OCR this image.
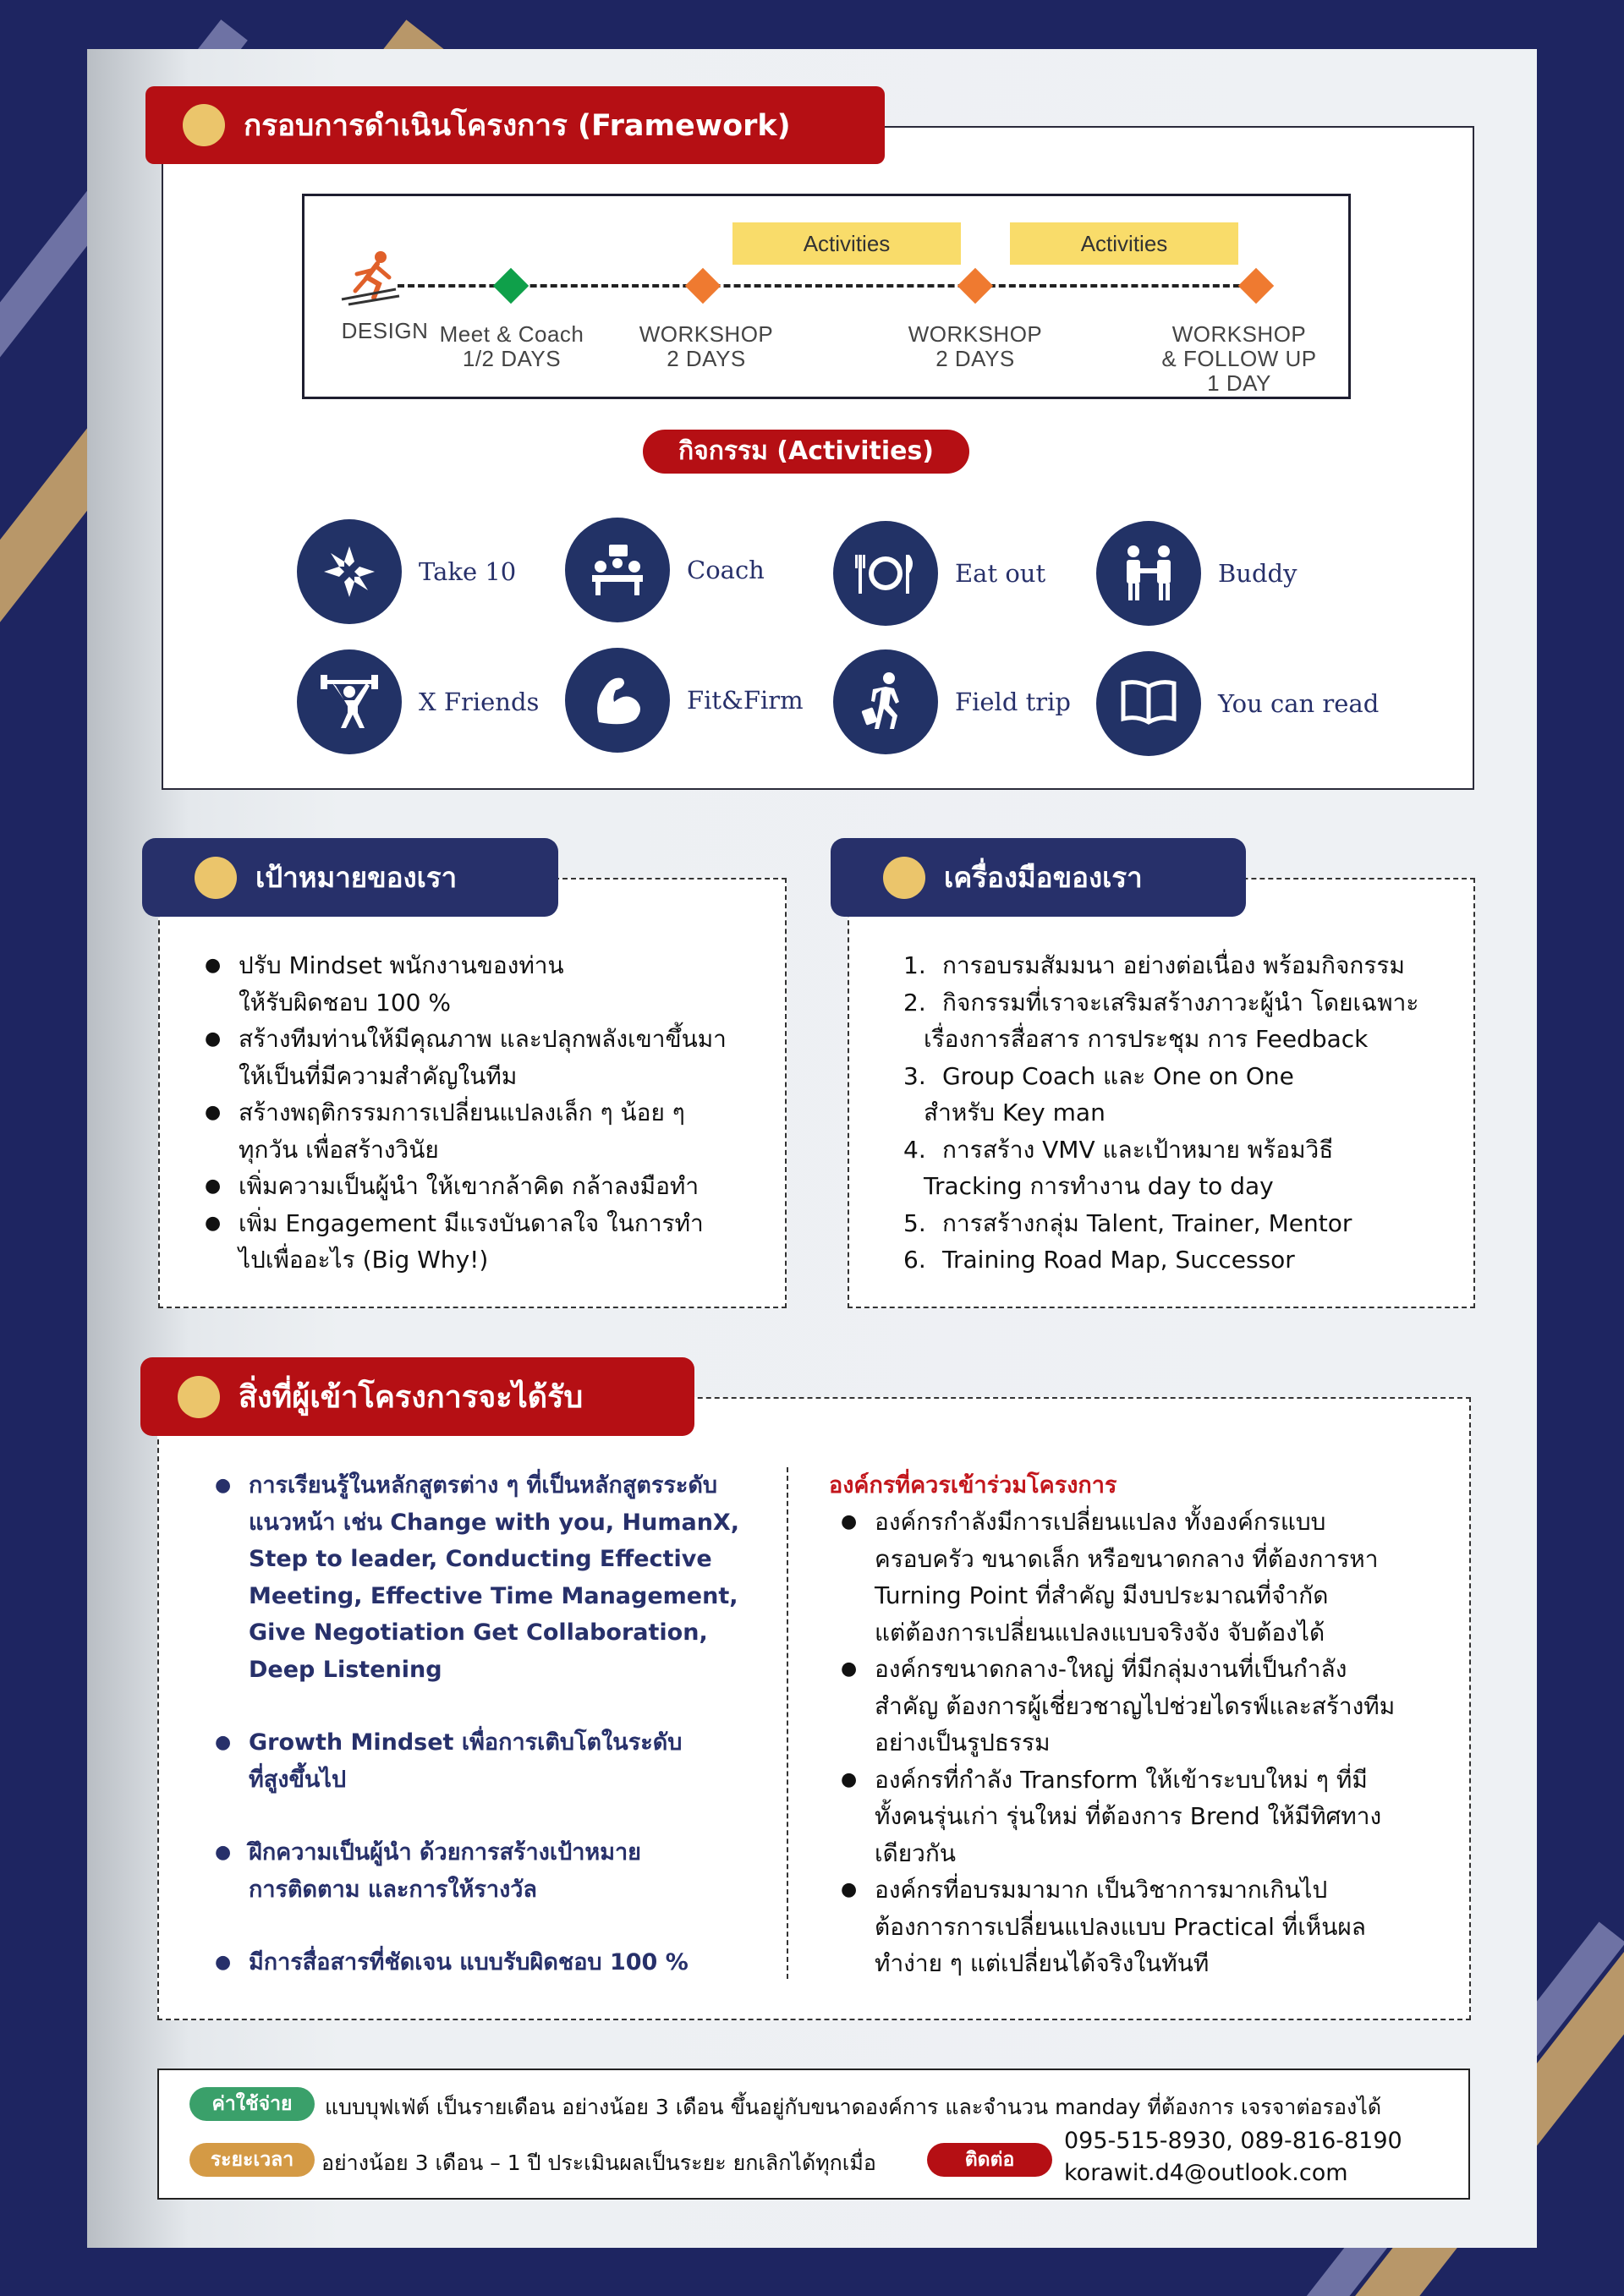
กรอบการดำเนินโครงการ (Framework)
Activities	Activities
DESIGN Meet & Coach
1/2 DAYS
WORKSHOP
2 DAYS
WORKSHOP
2 DAYS
WORKSHOP
& FOLLOW UP
1 DAY
กิจกรรม (Activities)
Take 10	Coach	Eat out	Buddy
X Friends	Fit&Firm	Field trip	You can read
เป้าหมายของเรา
● ปรับ Mindset พนักงานของท่าน
ให้รับผิดชอบ 100 %
● สร้างทีมท่านให้มีคุณภาพ และปลุกพลังเขาขึ้นมา
ให้เป็นที่มีความสำคัญในทีม
● สร้างพฤติกรรมการเปลี่ยนแปลงเล็ก ๆ น้อย ๆ
ทุกวัน เพื่อสร้างวินัย
● เพิ่มความเป็นผู้นำ ให้เขากล้าคิด กล้าลงมือทำ
● เพิ่ม Engagement มีแรงบันดาลใจ ในการทำ
ไปเพื่ออะไร (Big Why!)
เครื่องมือของเรา
1. การอบรมสัมมนา อย่างต่อเนื่อง พร้อมกิจกรรม
2. กิจกรรมที่เราจะเสริมสร้างภาวะผู้นำ โดยเฉพาะ
เรื่องการสื่อสาร การประชุม การ Feedback
3. Group Coach และ One on One
สำหรับ Key man
4. การสร้าง VMV และเป้าหมาย พร้อมวิธี
Tracking การทำงาน day to day
5. การสร้างกลุ่ม Talent, Trainer, Mentor
6. Training Road Map, Successor
สิ่งที่ผู้เข้าโครงการจะได้รับ
● การเรียนรู้ในหลักสูตรต่าง ๆ ที่เป็นหลักสูตรระดับ
แนวหน้า เช่น Change with you, HumanX,
Step to leader, Conducting Effective
Meeting, Effective Time Management,
Give Negotiation Get Collaboration,
Deep Listening
● Growth Mindset เพื่อการเติบโตในระดับ
ที่สูงขึ้นไป
● ฝึกความเป็นผู้นำ ด้วยการสร้างเป้าหมาย
การติดตาม และการให้รางวัล
● มีการสื่อสารที่ชัดเจน แบบรับผิดชอบ 100 %
องค์กรที่ควรเข้าร่วมโครงการ
● องค์กรกำลังมีการเปลี่ยนแปลง ทั้งองค์กรแบบ
ครอบครัว ขนาดเล็ก หรือขนาดกลาง ที่ต้องการหา
Turning Point ที่สำคัญ มีงบประมาณที่จำกัด
แต่ต้องการเปลี่ยนแปลงแบบจริงจัง จับต้องได้
● องค์กรขนาดกลาง-ใหญ่ ที่มีกลุ่มงานที่เป็นกำลัง
สำคัญ ต้องการผู้เชี่ยวชาญไปช่วยไดรฟ์และสร้างทีม
อย่างเป็นรูปธรรม
● องค์กรที่กำลัง Transform ให้เข้าระบบใหม่ ๆ ที่มี
ทั้งคนรุ่นเก่า รุ่นใหม่ ที่ต้องการ Brend ให้มีทิศทาง
เดียวกัน
● องค์กรที่อบรมมามาก เป็นวิชาการมากเกินไป
ต้องการการเปลี่ยนแปลงแบบ Practical ที่เห็นผล
ทำง่าย ๆ แต่เปลี่ยนได้จริงในทันที
ค่าใช้จ่าย	แบบบุฟเฟ่ต์ เป็นรายเดือน อย่างน้อย 3 เดือน ขึ้นอยู่กับขนาดองค์การ และจำนวน manday ที่ต้องการ เจรจาต่อรองได้
ระยะเวลา	อย่างน้อย 3 เดือน – 1 ปี ประเมินผลเป็นระยะ ยกเลิกได้ทุกเมื่อ	ติดต่อ
095-515-8930, 089-816-8190
korawit.d4@outlook.com
